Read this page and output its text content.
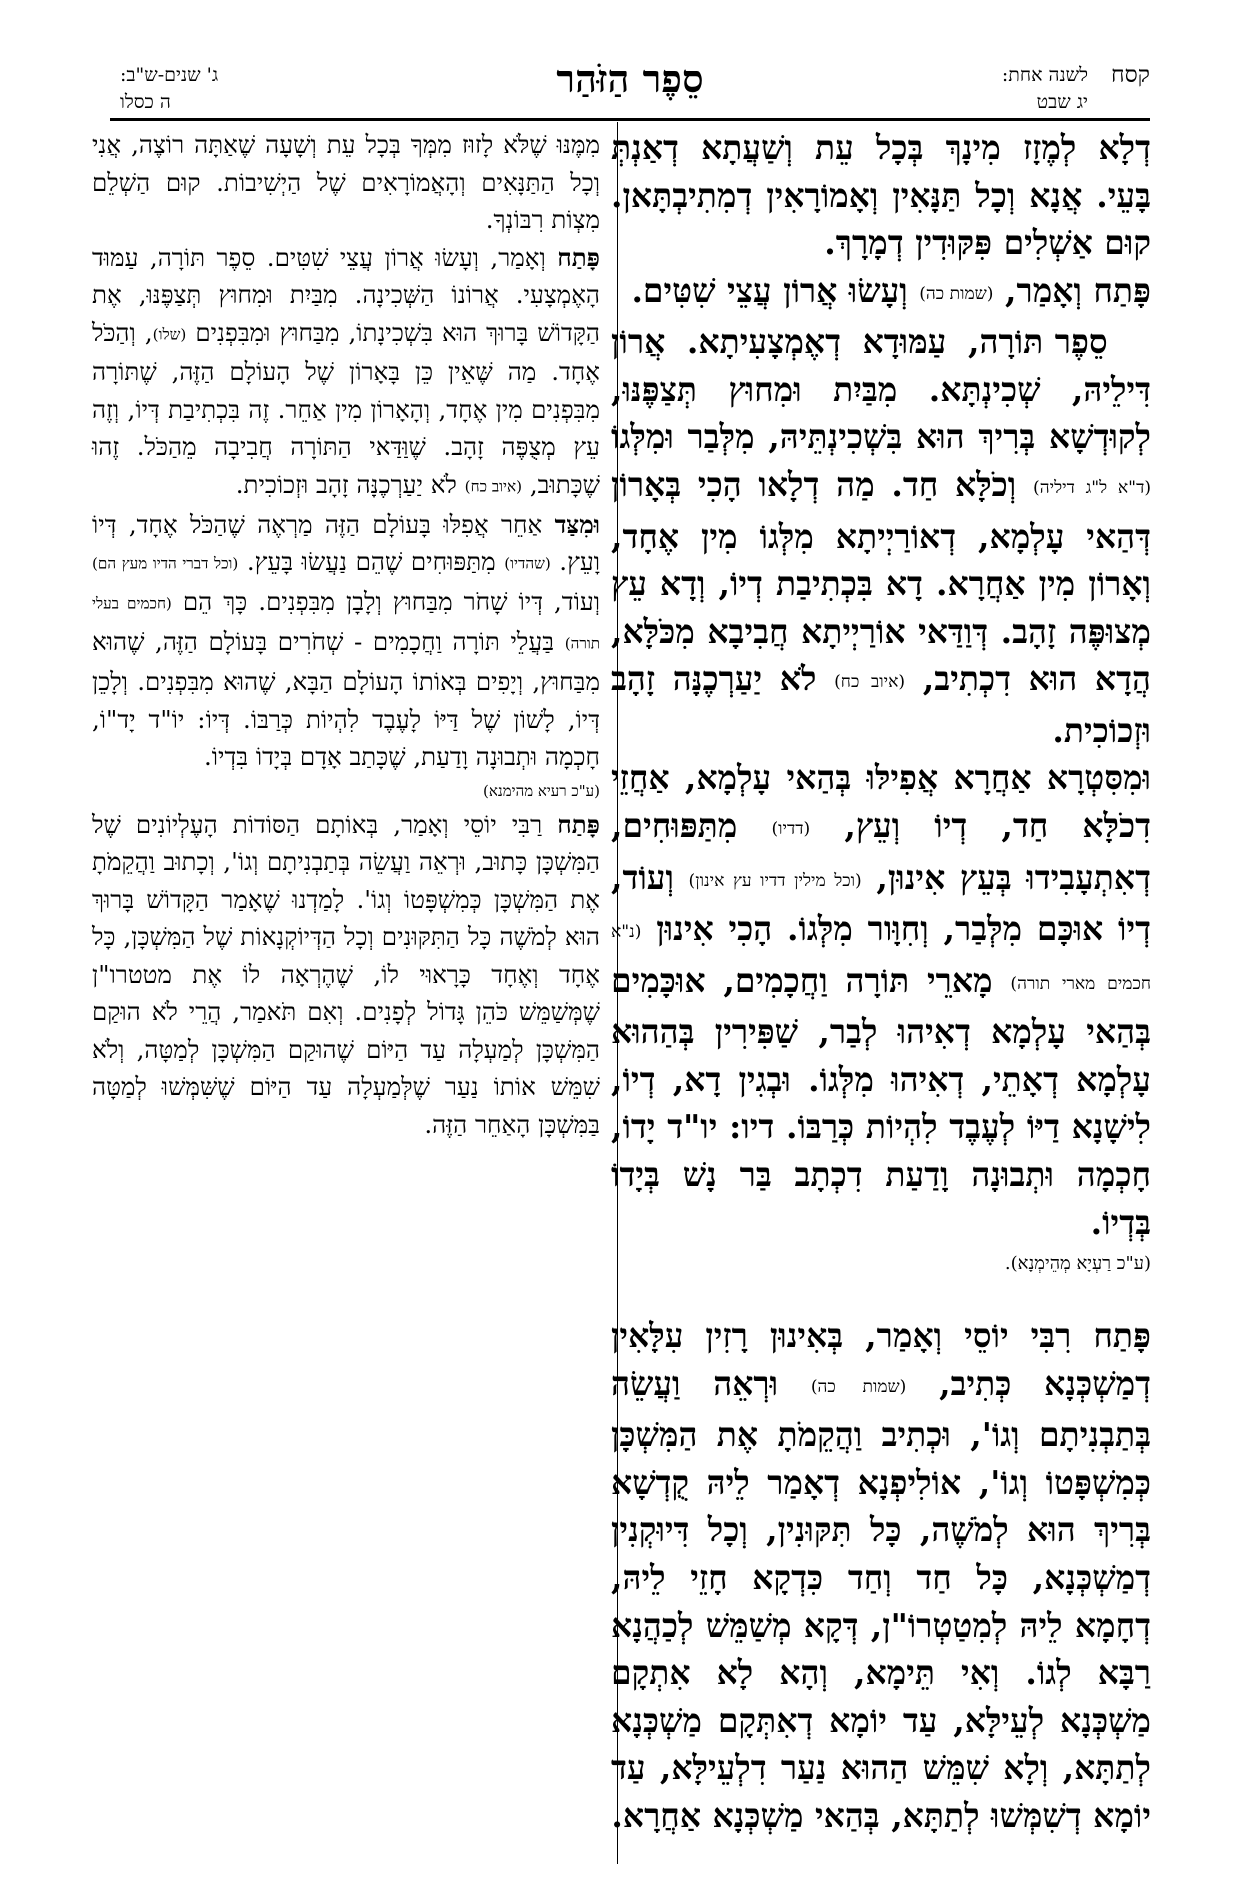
קסח
לשנה אחת:
יג שבט
סֵפֶר הַזֹּהַר
ג' שנים-ש"ב:
ה כסלו

דְלָא לְמֶזָז מִינָךְ בְּכָל עֵת וְשַׁעֲתָא דְאַנְתְּ בָּעֵי. אֲנָא וְכָל תַּנָּאִין וְאָמוֹרָאִין דְמִתִיבְתָּאן. קוּם אַשְׁלִים פִּקּוּדִין דְמָרָךְ.

פָּתַח וְאָמַר, (שמות כה) וְעָשׂוּ אֲרוֹן עֲצֵי שִׁטִּים.

סֵפֶר תּוֹרָה, עַמּוּדָא דְאֶמְצָעִיתָא. אֲרוֹן דִּילֵיהּ, שְׁכִינְתָּא. מִבַּיִת וּמִחוּץ תְּצַפֶּנּוּ, לְקוּדְשָׁא בְּרִיךְ הוּא בִּשְׁכִינְתֵּיהּ, מִלְּבַר וּמִלְּגוֹ (ד"א ל"ג דיליה) וְכֹלָּא חַד. מַה דְלָאו הָכִי בְּאָרוֹן דְּהַאי עָלְמָא, דְאוֹרַיְיתָא מִלְּגוֹ מִין אֶחָד, וְאָרוֹן מִין אַחֲרָא. דָא בִּכְתִיבַת דְיוֹ, וְדָא עֵץ מְצוּפֶּה זָהָב. דְּוַדַּאי אוֹרַיְיתָא חֲבִיבָא מִכֹּלָּא, הֲדָא הוּא דִכְתִיב, (איוב כח) לֹא יַעַרְכֶנָּה זָהָב וּזְכוֹכִית.

וּמִסִּטְרָא אַחֲרָא אֲפִילּוּ בְּהַאי עָלְמָא, אַחֲזֵי דִכֹלָּא חַד, דְיוֹ וְעֵץ, (דדיו) מִתַּפּוּחִים, דְאִתְעָבִידוּ בְּעֵץ אִינוּן, (וכל מילין דדיו עץ אינון) וְעוֹד, דְיוֹ אוּכָּם מִלְּבַר, וְחִוָּור מִלְּגוֹ. הָכִי אִינוּן (נ"א חכמים מארי תורה) מָארֵי תּוֹרָה וַחֲכָמִים, אוּכָּמִים בְּהַאי עָלְמָא דְאִיהוּ לְבַר, שַׁפִּירִין בְּהַהוּא עָלְמָא דְאָתֵי, דְאִיהוּ מִלְּגוֹ. וּבְגִין דָא, דְיוֹ, לִישָׁנָא דַיּוֹ לְעֶבֶד לִהְיוֹת כְּרַבּוֹ. דיו: יו"ד יָדוֹ, חָכְמָה וּתְבוּנָה וָדַעַת דִכְתָב בַּר נָשׁ בְּיָדוֹ בְּדְיוֹ.
(ע"כ רַעְיָא מְהֵימְנָא).

פָּתַח רִבִּי יוֹסֵי וְאָמַר, בְּאִינוּן רָזִין עִלָּאִין דְמַשְׁכְּנָא כְּתִיב, (שמות כה) וּרְאֵה וַעֲשֵׂה בְּתַבְנִיתָם וְגוֹ', וּכְתִיב וַהֲקֵמֹתָ אֶת הַמִּשְׁכָּן כְּמִשְׁפָּטוֹ וְגוֹ', אוֹלִיפְנָא דְאָמַר לֵיהּ קֻדְשָׁא בְּרִיךְ הוּא לְמֹשֶׁה, כָּל תִּקּוּנִין, וְכָל דִּיוּקְנִין דְמַשְׁכְּנָא, כָּל חַד וְחַד כִּדְקָא חָזֵי לֵיהּ, דְחָמָא לֵיהּ לְמִטַטְרוֹ"ן, דְּקָא מְשַׁמֵּשׁ לְכַהֲנָא רַבָּא לְגוֹ. וְאִי תֵּימָא, וְהָא לָא אִתְקָם מַשְׁכְּנָא לְעֵילָּא, עַד יוֹמָא דְאִתְּקָם מַשְׁכְּנָא לְתַתָּא, וְלָא שִׁמֵּשׁ הַהוּא נַעַר דִלְעֵילָּא, עַד יוֹמָא דְשִׁמְּשׁוּ לְתַתָּא, בְּהַאי מַשְׁכְּנָא אַחֲרָא.

מִמֶּנּוּ שֶׁלֹּא לָזוּז מִמְּךָ בְּכָל עֵת וְשָׁעָה שֶׁאַתָּה רוֹצֶה, אֲנִי וְכָל הַתַּנָּאִים וְהָאֲמוֹרָאִים שֶׁל הַיְשִׁיבוֹת. קוּם הַשְׁלֵם מִצְוֹת רִבּוֹנְךָ.

פָּתַח וְאָמַר, וְעָשׂוּ אֲרוֹן עֲצֵי שִׁטִּים. סֵפֶר תּוֹרָה, עַמּוּד הָאֶמְצָעִי. אֲרוֹנוֹ הַשְּׁכִינָה. מִבַּיִת וּמִחוּץ תְּצַפֶּנּוּ, אֶת הַקָּדוֹשׁ בָּרוּךְ הוּא בִּשְׁכִינָתוֹ, מִבַּחוּץ וּמִבִּפְנִים (שלו), וְהַכֹּל אֶחָד. מַה שֶּׁאֵין כֵּן בָּאָרוֹן שֶׁל הָעוֹלָם הַזֶּה, שֶׁתּוֹרָה מִבִּפְנִים מִין אֶחָד, וְהָאָרוֹן מִין אַחֵר. זֶה בִּכְתִיבַת דְּיוֹ, וְזֶה עֵץ מְצֻפֶּה זָהָב. שֶׁוַּדַּאי הַתּוֹרָה חֲבִיבָה מֵהַכֹּל. זֶהוּ שֶׁכָּתוּב, (איוב כח) לֹא יַעַרְכֶנָּה זָהָב וּזְכוֹכִית.

וּמִצַּד אַחֵר אֲפִלּוּ בָּעוֹלָם הַזֶּה מַרְאֶה שֶׁהַכֹּל אֶחָד, דְּיוֹ וָעֵץ. (שהדיו) מִתַּפּוּחִים שֶׁהֵם נַעֲשׂוּ בָּעֵץ. (וכל דברי הדיו מעץ הם) וְעוֹד, דְּיוֹ שָׁחֹר מִבַּחוּץ וְלָבָן מִבִּפְנִים. כָּךְ הֵם (חכמים בעלי תורה) בַּעֲלֵי תּוֹרָה וַחֲכָמִים - שְׁחֹרִים בָּעוֹלָם הַזֶּה, שֶׁהוּא מִבַּחוּץ, וְיָפִים בְּאוֹתוֹ הָעוֹלָם הַבָּא, שֶׁהוּא מִבִּפְנִים. וְלָכֵן דְּיוֹ, לָשׁוֹן שֶׁל דַּיּוֹ לָעֶבֶד לִהְיוֹת כְּרַבּוֹ. דְּיוֹ: יוֹ"ד יָד"וֹ, חָכְמָה וּתְבוּנָה וָדַעַת, שֶׁכָּתַב אָדָם בְּיָדוֹ בִּדְיוֹ.
(ע"כ רעיא מהימנא)

פָּתַח רַבִּי יוֹסֵי וְאָמַר, בְּאוֹתָם הַסּוֹדוֹת הָעֶלְיוֹנִים שֶׁל הַמִּשְׁכָּן כָּתוּב, וּרְאֵה וַעֲשֵׂה בְּתַבְנִיתָם וְגוֹ', וְכָתוּב וַהֲקֵמֹתָ אֶת הַמִּשְׁכָּן כְּמִשְׁפָּטוֹ וְגוֹ'. לָמַדְנוּ שֶׁאָמַר הַקָּדוֹשׁ בָּרוּךְ הוּא לְמֹשֶׁה כָּל הַתִּקּוּנִים וְכָל הַדְּיוֹקְנָאוֹת שֶׁל הַמִּשְׁכָּן, כָּל אֶחָד וְאֶחָד כָּרָאוּי לוֹ, שֶׁהֶרְאָה לוֹ אֶת מטטרו"ן שֶׁמְּשַׁמֵּשׁ כֹּהֵן גָּדוֹל לְפָנִים. וְאִם תֹּאמַר, הֲרֵי לֹא הוּקַם הַמִּשְׁכָּן לְמַעְלָה עַד הַיּוֹם שֶׁהוּקַם הַמִּשְׁכָּן לְמַטָּה, וְלֹא שִׁמֵּשׁ אוֹתוֹ נַעַר שֶׁלְּמַעְלָה עַד הַיּוֹם שֶׁשִּׁמְּשׁוּ לְמַטָּה בַּמִּשְׁכָּן הָאַחֵר הַזֶּה.
